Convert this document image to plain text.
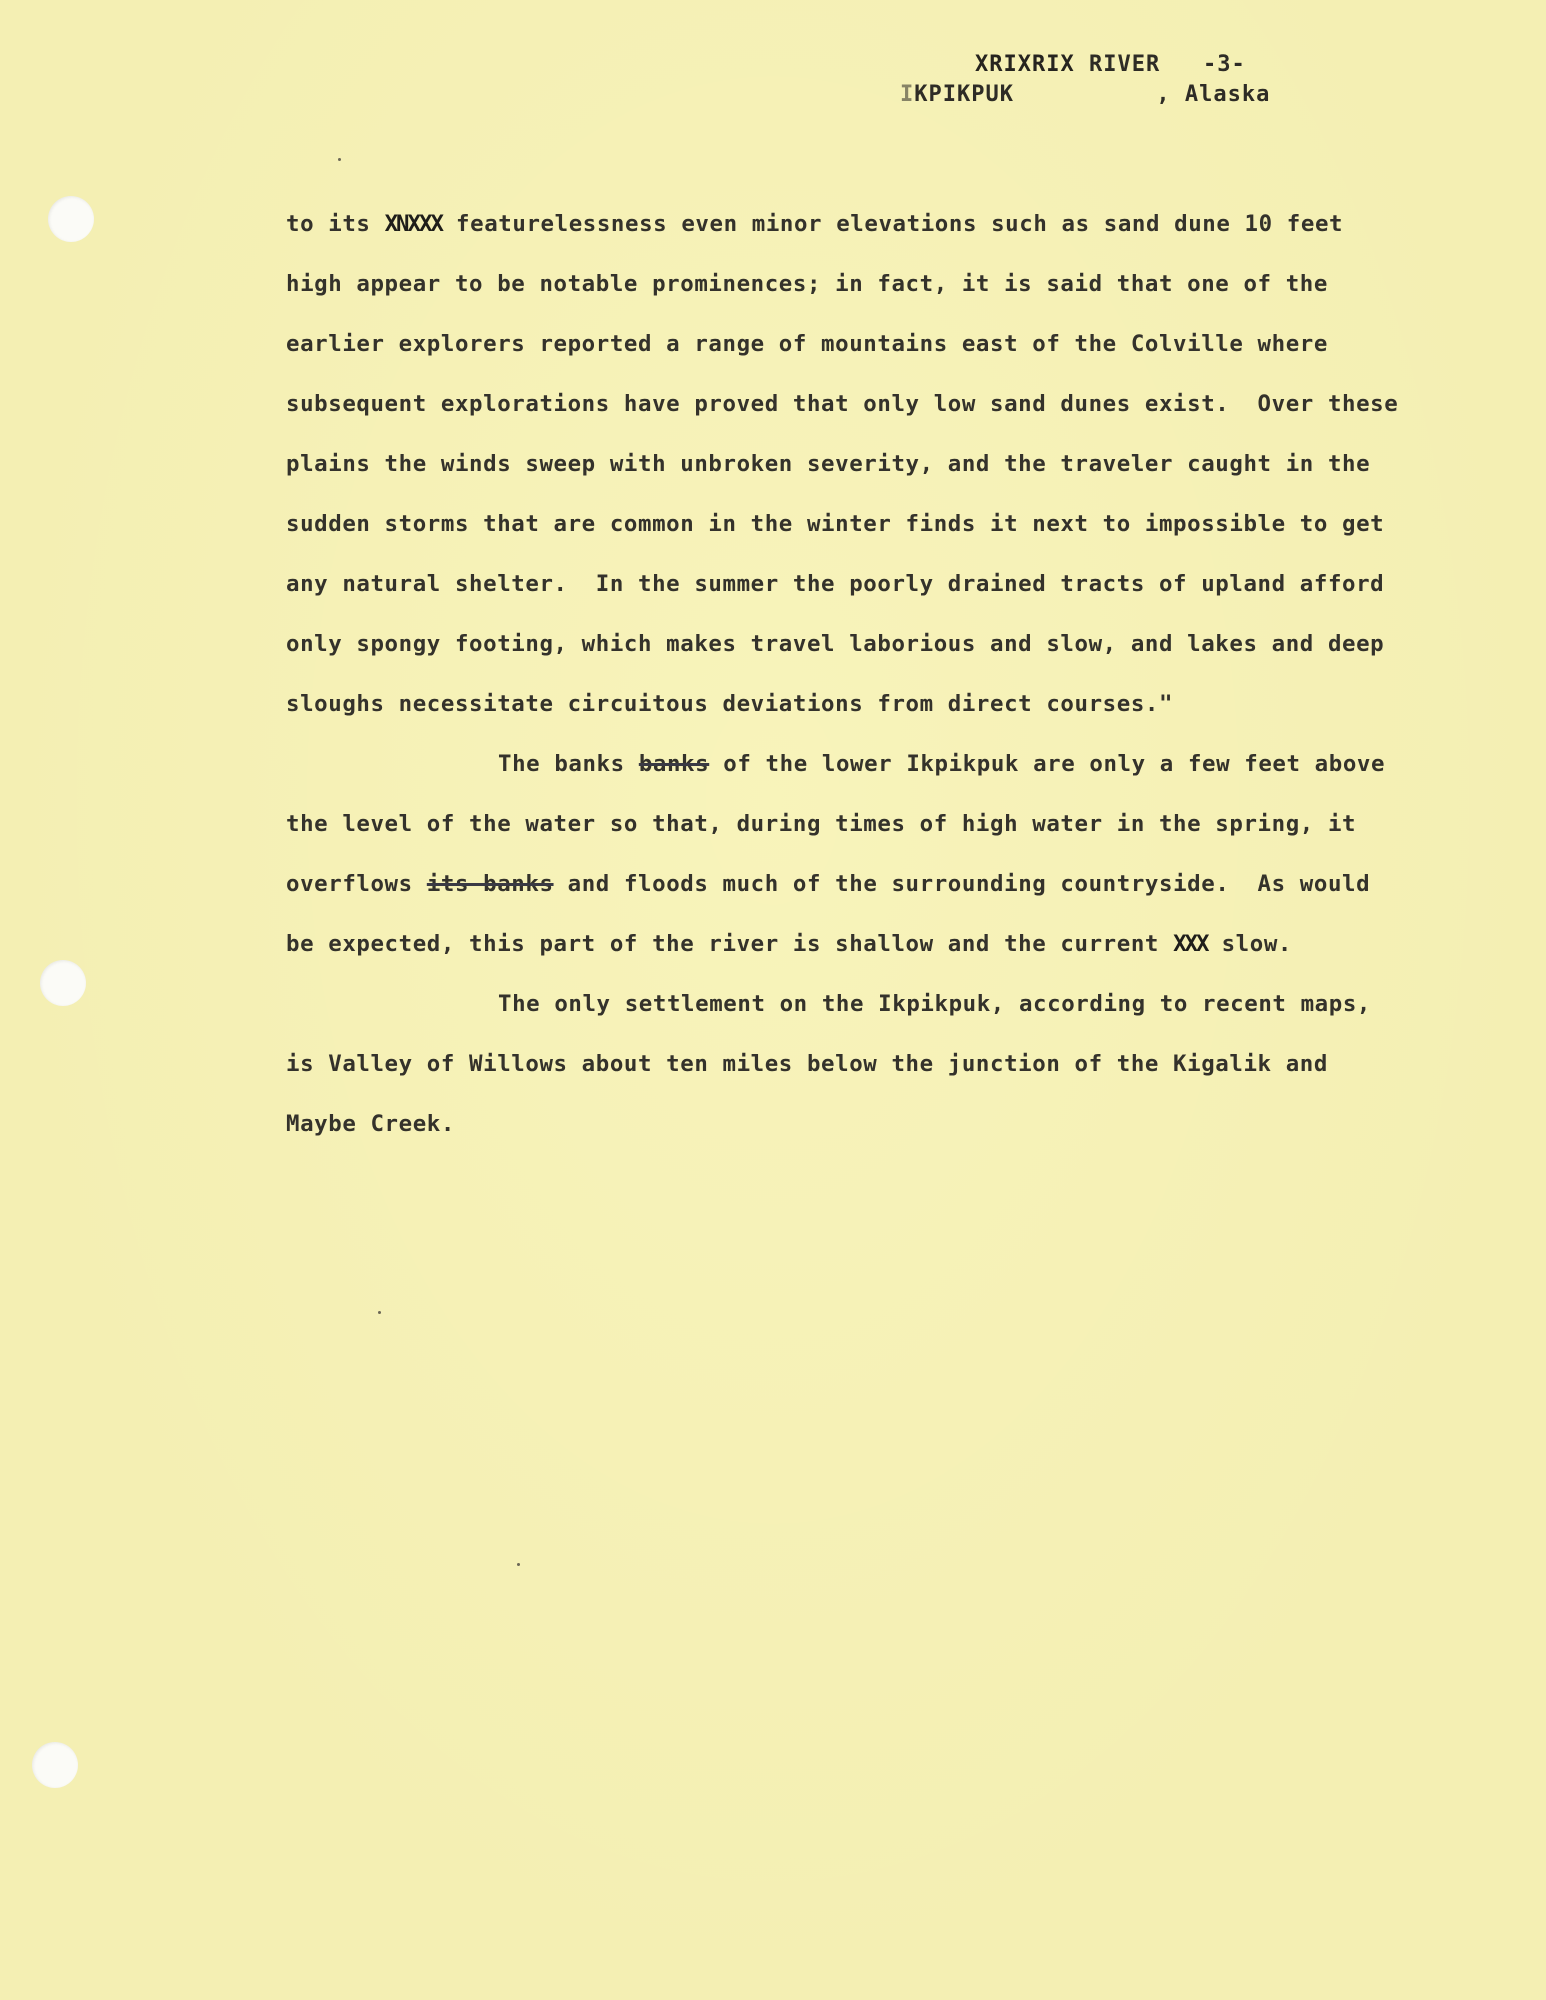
XRIXRIX RIVER -3-
IKPIKPUK	, Alaska
to its XNXXX featurelessness even minor elevations such as sand dune 10 feet
high appear to be notable prominences; in fact, it is said that one of the
earlier explorers reported a range of mountains east of the Colville where
subsequent explorations have proved that only low sand dunes exist.  Over these
plains the winds sweep with unbroken severity, and the traveler caught in the
sudden storms that are common in the winter finds it next to impossible to get
any natural shelter.  In the summer the poorly drained tracts of upland afford
only spongy footing, which makes travel laborious and slow, and lakes and deep
sloughs necessitate circuitous deviations from direct courses."
The banks banks of the lower Ikpikpuk are only a few feet above
the level of the water so that, during times of high water in the spring, it
overflows its banks and floods much of the surrounding countryside.  As would
be expected, this part of the river is shallow and the current XXX slow.
The only settlement on the Ikpikpuk, according to recent maps,
is Valley of Willows about ten miles below the junction of the Kigalik and
Maybe Creek.
